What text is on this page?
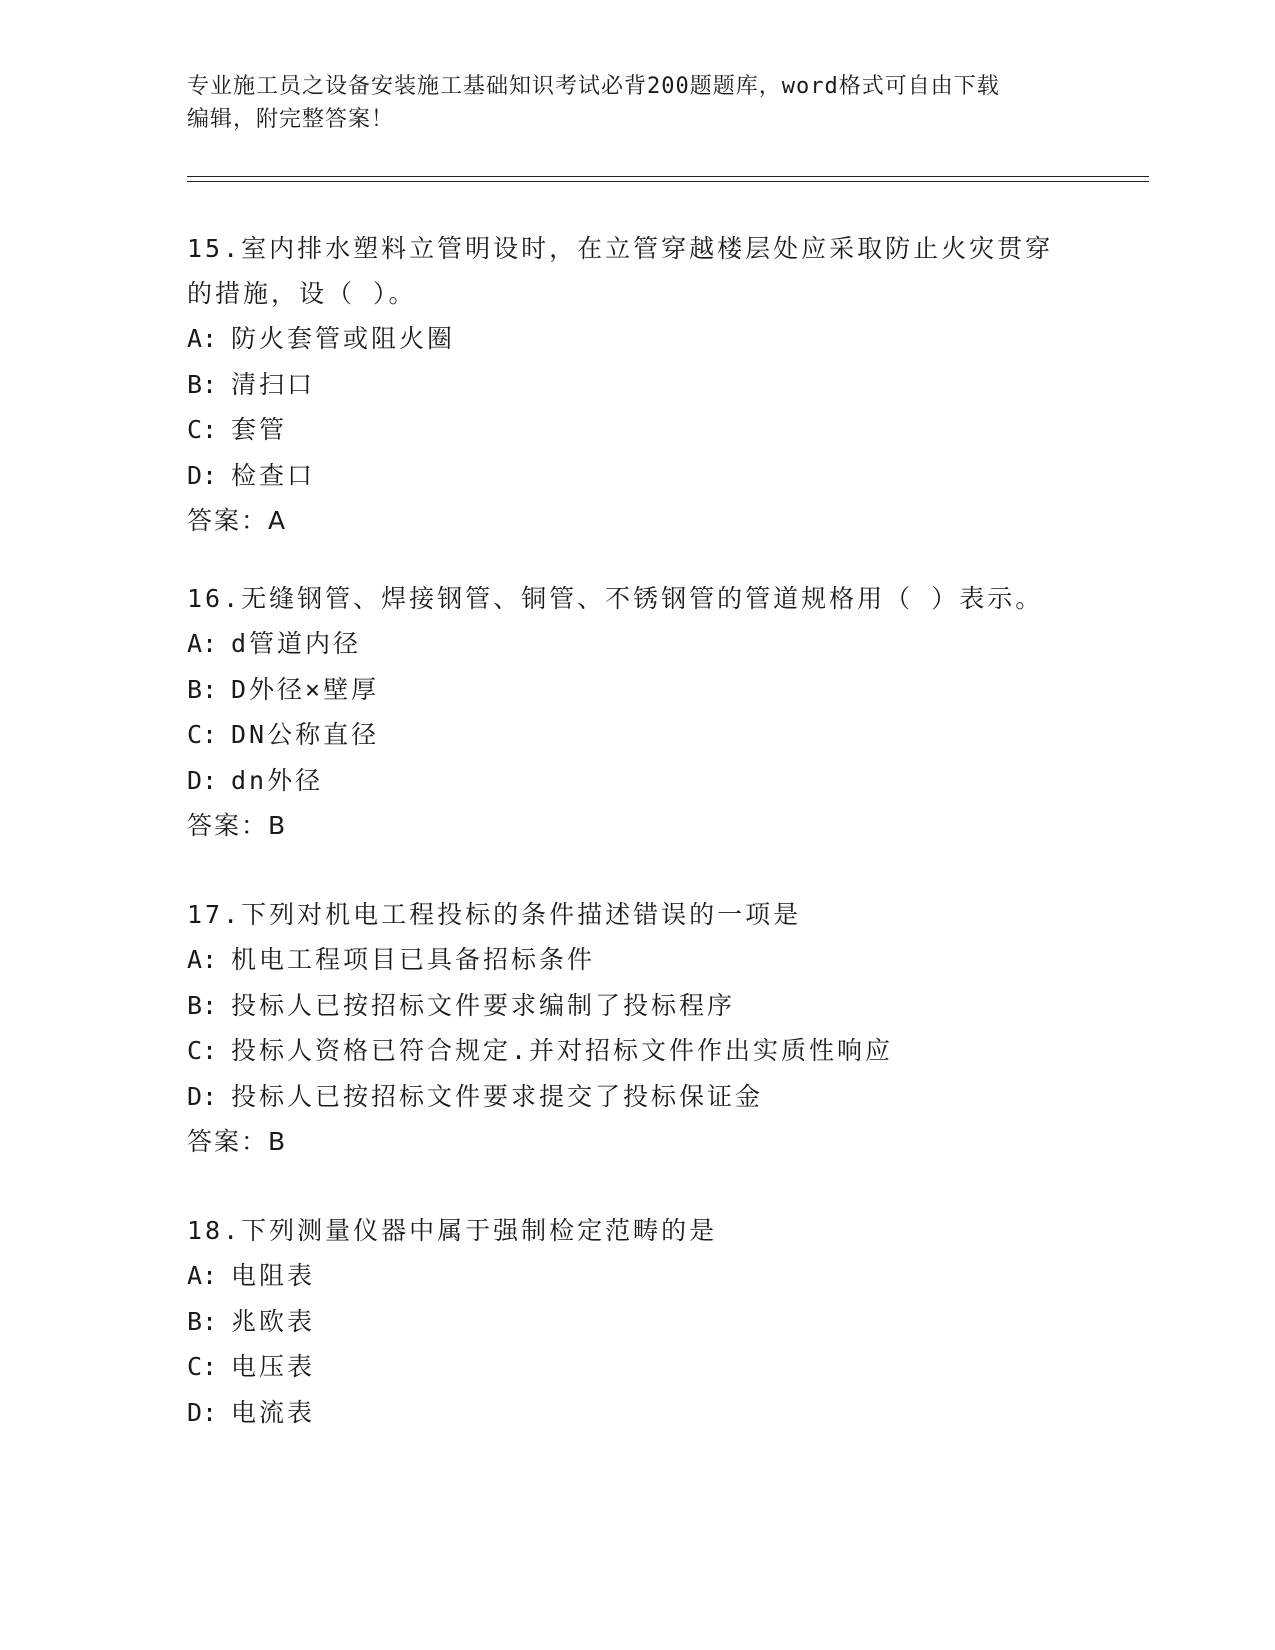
专业施工员之设备安装施工基础知识考试必背200题题库，word格式可自由下载
编辑，附完整答案！

15.室内排水塑料立管明设时，在立管穿越楼层处应采取防止火灾贯穿

的措施，设（ ）。

A: 防火套管或阻火圈

B: 清扫口

C: 套管

D: 检查口

答案：A

16.无缝钢管、焊接钢管、铜管、不锈钢管的管道规格用（ ）表示。

A: d管道内径

B: D外径×壁厚

C: DN公称直径

D: dn外径

答案：B

17.下列对机电工程投标的条件描述错误的一项是

A: 机电工程项目已具备招标条件

B: 投标人已按招标文件要求编制了投标程序

C: 投标人资格已符合规定.并对招标文件作出实质性响应

D: 投标人已按招标文件要求提交了投标保证金

答案：B

18.下列测量仪器中属于强制检定范畴的是

A: 电阻表

B: 兆欧表

C: 电压表

D: 电流表
